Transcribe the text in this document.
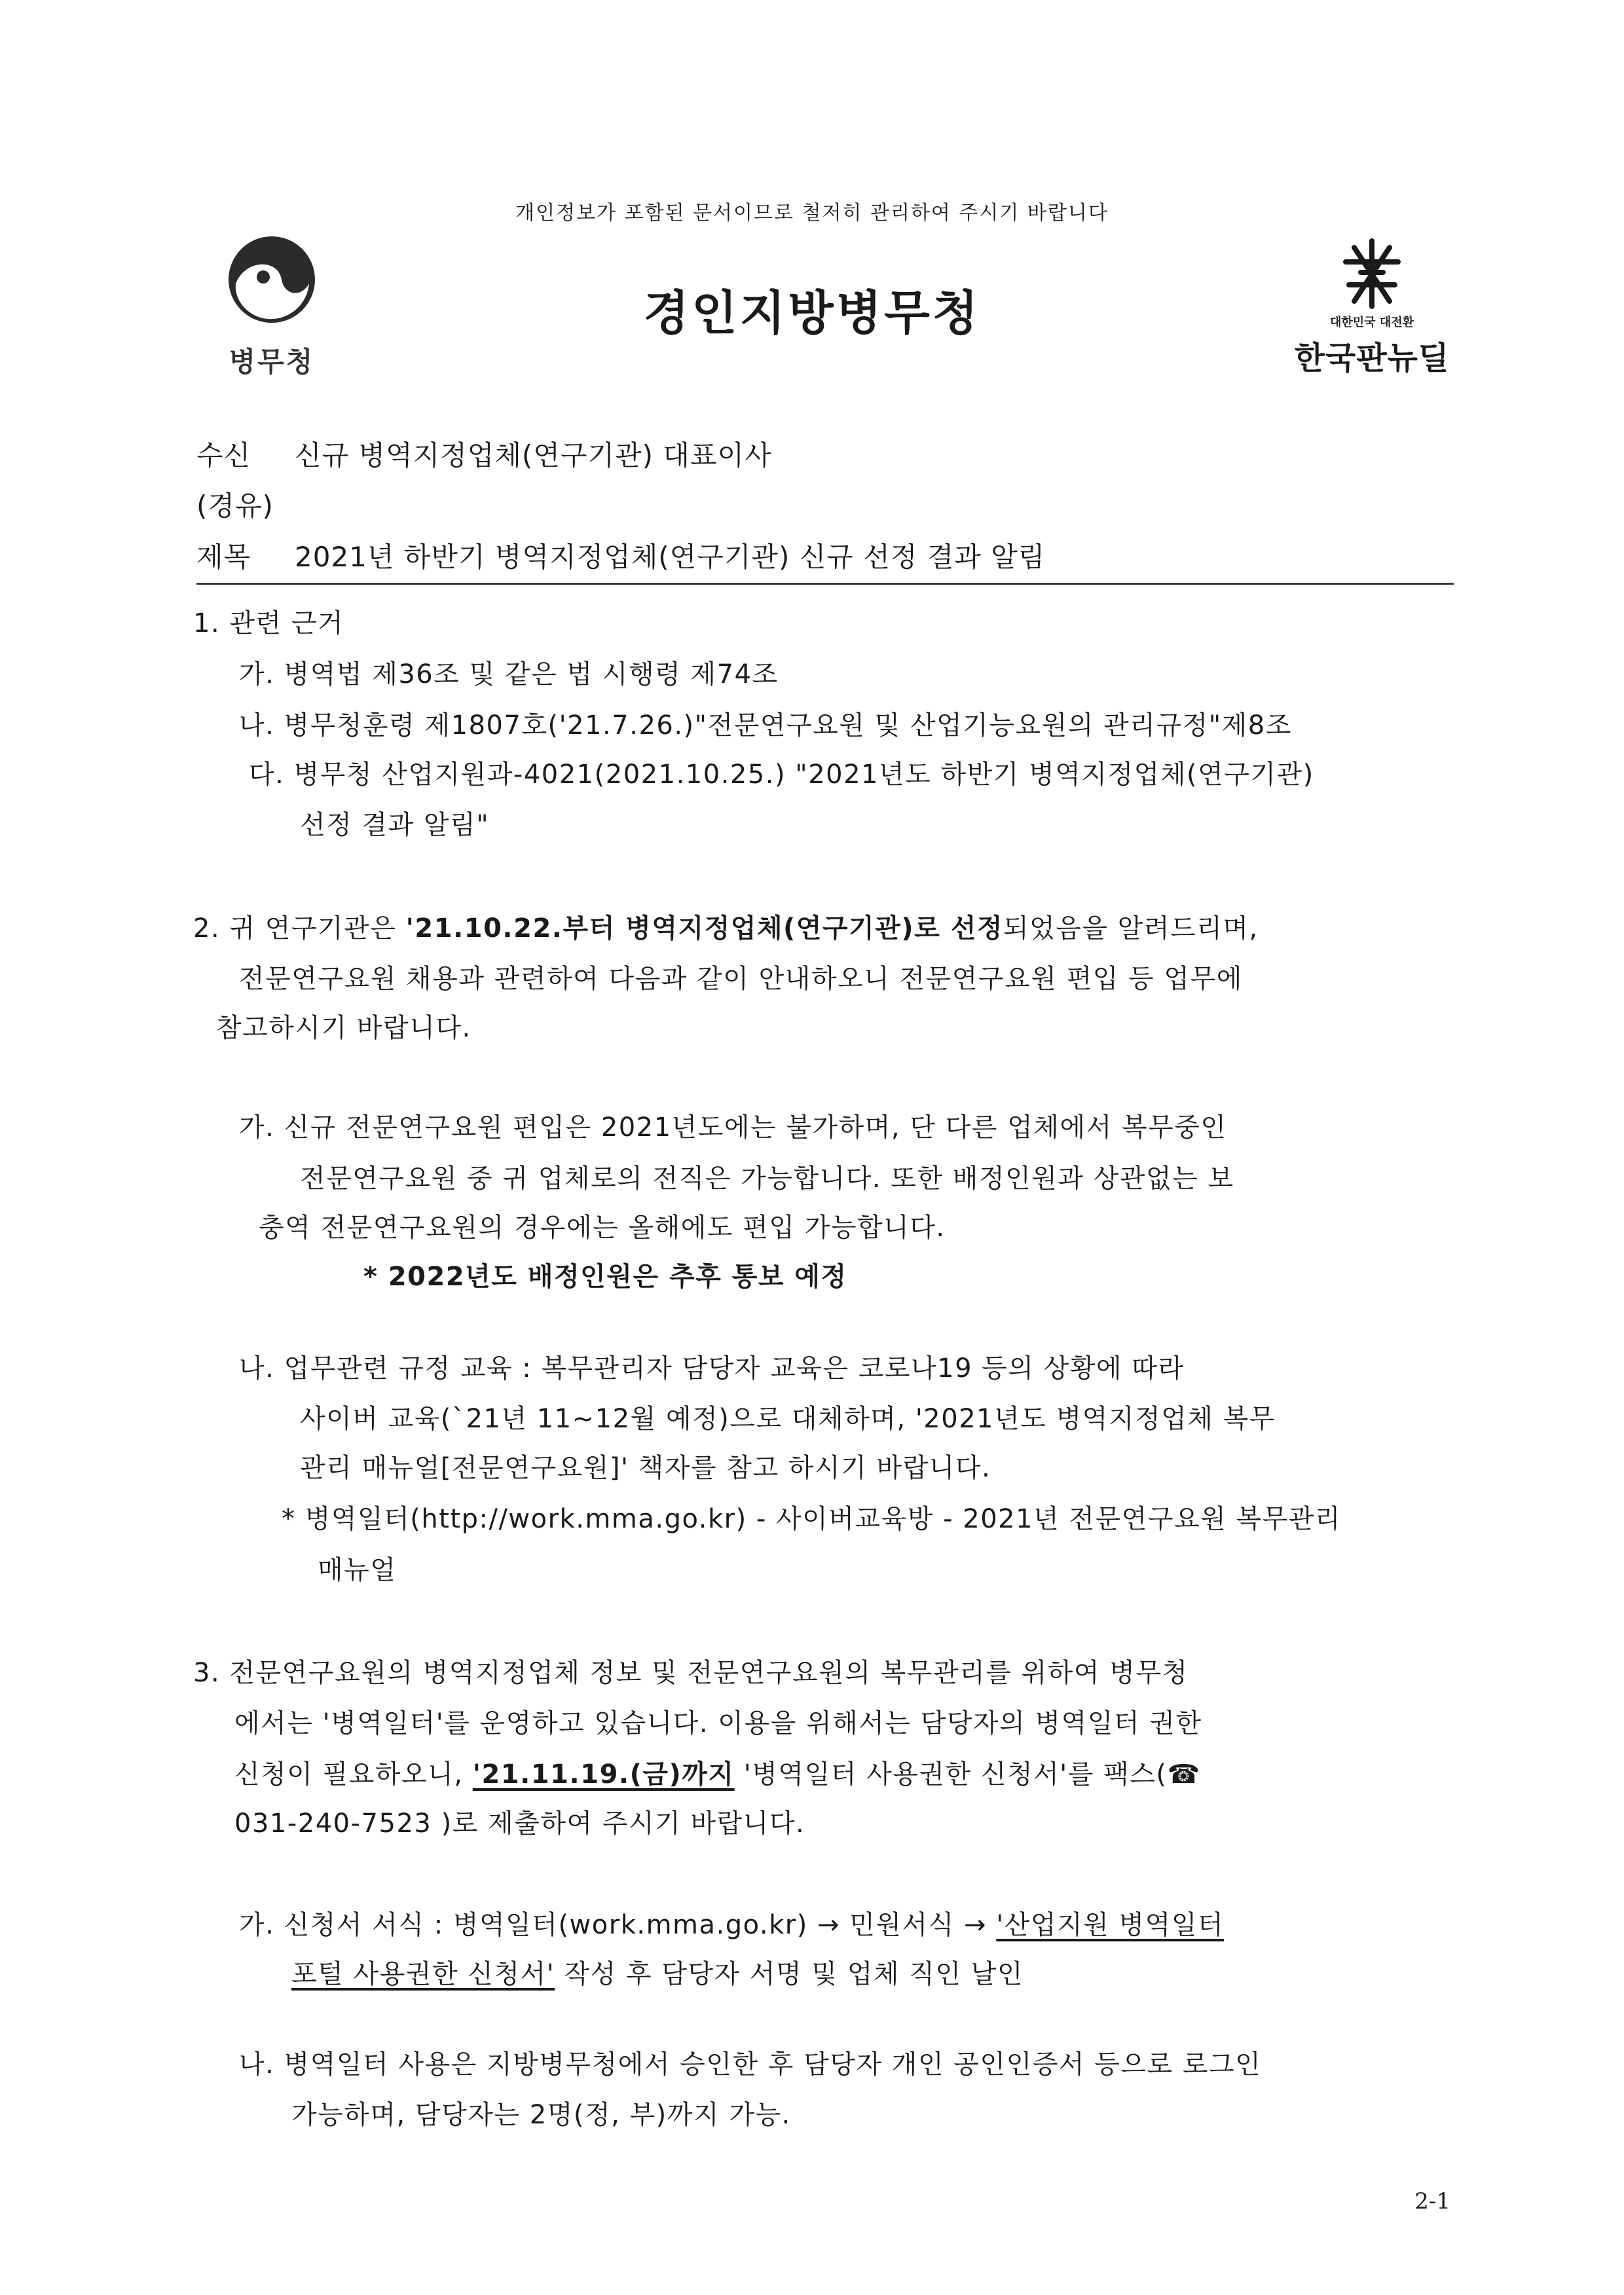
개인정보가 포함된 문서이므로 철저히 관리하여 주시기 바랍니다
경인지방병무청
병무청
대한민국 대전환
한국판뉴딜
수신 신규 병역지정업체(연구기관) 대표이사
(경유)
제목 2021년 하반기 병역지정업체(연구기관) 신규 선정 결과 알림
1. 관련 근거
가. 병역법 제36조 및 같은 법 시행령 제74조
나. 병무청훈령 제1807호('21.7.26.)"전문연구요원 및 산업기능요원의 관리규정"제8조
다. 병무청 산업지원과-4021(2021.10.25.) "2021년도 하반기 병역지정업체(연구기관)
선정 결과 알림"
2. 귀 연구기관은 '21.10.22.부터 병역지정업체(연구기관)로 선정되었음을 알려드리며,
전문연구요원 채용과 관련하여 다음과 같이 안내하오니 전문연구요원 편입 등 업무에
참고하시기 바랍니다.
가. 신규 전문연구요원 편입은 2021년도에는 불가하며, 단 다른 업체에서 복무중인
전문연구요원 중 귀 업체로의 전직은 가능합니다. 또한 배정인원과 상관없는 보
충역 전문연구요원의 경우에는 올해에도 편입 가능합니다.
* 2022년도 배정인원은 추후 통보 예정
나. 업무관련 규정 교육 : 복무관리자 담당자 교육은 코로나19 등의 상황에 따라
사이버 교육(`21년 11~12월 예정)으로 대체하며, '2021년도 병역지정업체 복무
관리 매뉴얼[전문연구요원]' 책자를 참고 하시기 바랍니다.
* 병역일터(http://work.mma.go.kr) - 사이버교육방 - 2021년 전문연구요원 복무관리
매뉴얼
3. 전문연구요원의 병역지정업체 정보 및 전문연구요원의 복무관리를 위하여 병무청
에서는 '병역일터'를 운영하고 있습니다. 이용을 위해서는 담당자의 병역일터 권한
신청이 필요하오니, '21.11.19.(금)까지 '병역일터 사용권한 신청서'를 팩스(☎
031-240-7523 )로 제출하여 주시기 바랍니다.
가. 신청서 서식 : 병역일터(work.mma.go.kr) → 민원서식 → '산업지원 병역일터
포털 사용권한 신청서' 작성 후 담당자 서명 및 업체 직인 날인
나. 병역일터 사용은 지방병무청에서 승인한 후 담당자 개인 공인인증서 등으로 로그인
가능하며, 담당자는 2명(정, 부)까지 가능.
2-1
